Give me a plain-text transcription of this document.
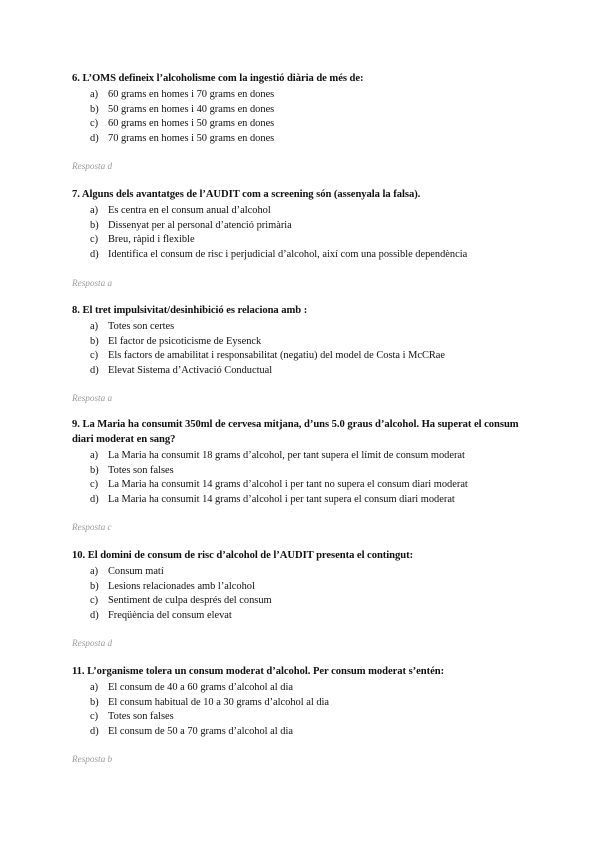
6. L’OMS defineix l’alcoholisme com la ingestió diària de més de:

a) 60 grams en homes i 70 grams en dones
b) 50 grams en homes i 40 grams en dones
c) 60 grams en homes i 50 grams en dones
d) 70 grams en homes i 50 grams en dones
Resposta d

7. Alguns dels avantatges de l’AUDIT com a screening són (assenyala la falsa).

a) Es centra en el consum anual d’alcohol
b) Dissenyat per al personal d’atenció primària
c) Breu, ràpid i flexible
d) Identifica el consum de risc i perjudicial d’alcohol, així com una possible dependència
Resposta a

8. El tret impulsivitat/desinhibició es relaciona amb :

a) Totes son certes
b) El factor de psicoticisme de Eysenck
c) Els factors de amabilitat i responsabilitat (negatiu) del model de Costa i McCRae
d) Elevat Sistema d’Activació Conductual
Resposta a

9. La Maria ha consumit 350ml de cervesa mitjana, d’uns 5.0 graus d’alcohol. Ha superat el consum diari moderat en sang?

a) La Maria ha consumit 18 grams d’alcohol, per tant supera el límit de consum moderat
b) Totes son falses
c) La Maria ha consumit 14 grams d’alcohol i per tant no supera el consum diari moderat
d) La Maria ha consumit 14 grams d’alcohol i per tant supera el consum diari moderat
Resposta c

10. El domini de consum de risc d’alcohol de l’AUDIT presenta el contingut:

a) Consum matí
b) Lesions relacionades amb l’alcohol
c) Sentiment de culpa després del consum
d) Freqüència del consum elevat
Resposta d

11. L’organisme tolera un consum moderat d’alcohol. Per consum moderat s’entén:

a) El consum de 40 a 60 grams d’alcohol al dia
b) El consum habitual de 10 a 30 grams d’alcohol al dia
c) Totes son falses
d) El consum de 50 a 70 grams d’alcohol al dia
Resposta b
